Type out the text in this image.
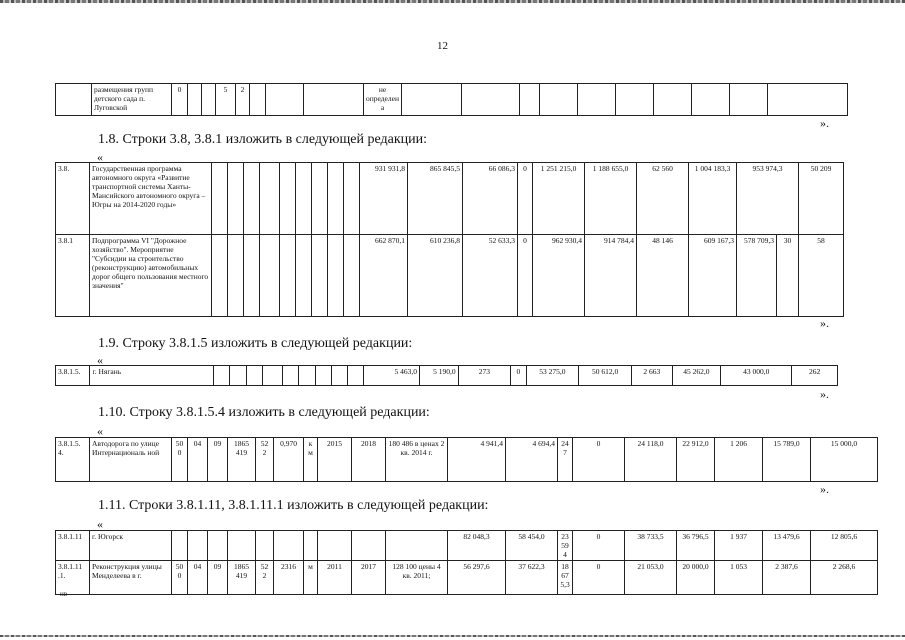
12
	размещения групп детского сада п. Луговской	0			5	2				не определен а										
».
1.8. Строки 3.8, 3.8.1 изложить в следующей редакции:
«
3.8.	Государственная программа автономного округа «Развитие транспортной системы Ханты-Мансийского автономного округа – Югры на 2014-2020 годы»										931 931,8	865 845,5	66 086,3	0	1 251 215,0	1 188 655,0	62 560	1 004 183,3	953 974,3		50 209
3.8.1	Подпрограмма VI "Дорожное хозяйство". Мероприятие "Субсидии на строительство (реконструкцию) автомобильных дорог общего пользования местного значения"										662 870,1	610 236,8	52 633,3	0	962 930,4	914 784,4	48 146	609 167,3	578 709,3	30	58
».
1.9. Строку 3.8.1.5 изложить в следующей редакции:
«
3.8.1.5.	г. Нягань										5 463,0	5 190,0	273	0	53 275,0	50 612,0	2 663	45 262,0	43 000,0	262
».
1.10. Строку 3.8.1.5.4 изложить в следующей редакции:
«
3.8.1.5. 4.	Автодорога по улице Интернациональ ной	50 0	04	09	1865 419	52 2	0,970	к м	2015	2018	180 486 в ценах 2 кв. 2014 г.	4 941,4	4 694,4	247	0	24 118,0	22 912,0	1 206	15 789,0	15 000,0
».
1.11. Строки 3.8.1.11, 3.8.1.11.1 изложить в следующей редакции:
«
3.8.1.11	г. Югорск											82 048,3	58 454,0	23 594	0	38 733,5	36 796,5	1 937	13 479,6	12 805,6
3.8.1.11 .1.	Реконструкция улицы Менделеева в г.	50 0	04	09	1865 419	52 2	2316	м	2011	2017	128 100 цены 4 кв. 2011;	56 297,6	37 622,3	18 675,3	0	21 053,0	20 000,0	1 053	2 387,6	2 268,6
нв
